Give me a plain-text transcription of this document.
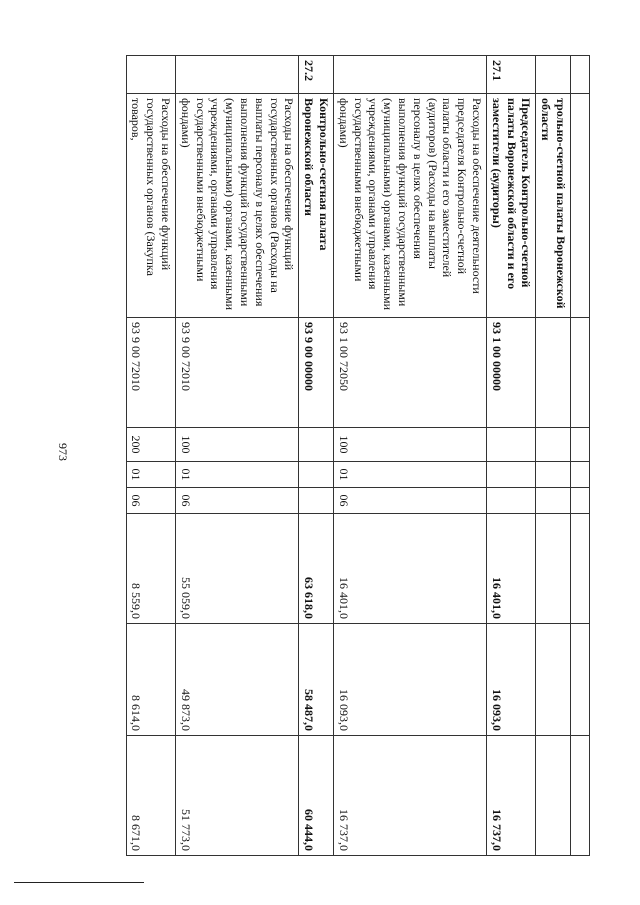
973

	трольно-счетной палаты Воронежской области							
27.1	Председатель Контрольно-счетной палаты Воронежской области и его заместители (аудиторы)	93 1 00 00000				16 401,0	16 093,0	16 737,0
	Расходы на обеспечение деятельности председателя Контрольно-счетной палаты области и его заместителей (аудиторов) (Расходы на выплаты персоналу в целях обеспечения выполнения функций государственными (муниципальными) органами, казенными учреждениями, органами управления государственными внебюджетными фондами)	93 1 00 72050	100	01	06	16 401,0	16 093,0	16 737,0
27.2	Контрольно-счетная палата Воронежской области	93 9 00 00000				63 618,0	58 487,0	60 444,0
	Расходы на обеспечение функций государственных органов (Расходы на выплаты персоналу в целях обеспечения выполнения функций государственными (муниципальными) органами, казенными учреждениями, органами управления государственными внебюджетными фондами)	93 9 00 72010	100	01	06	55 059,0	49 873,0	51 773,0
	Расходы на обеспечение функций государственных органов (Закупка товаров,	93 9 00 72010	200	01	06	8 559,0	8 614,0	8 671,0
